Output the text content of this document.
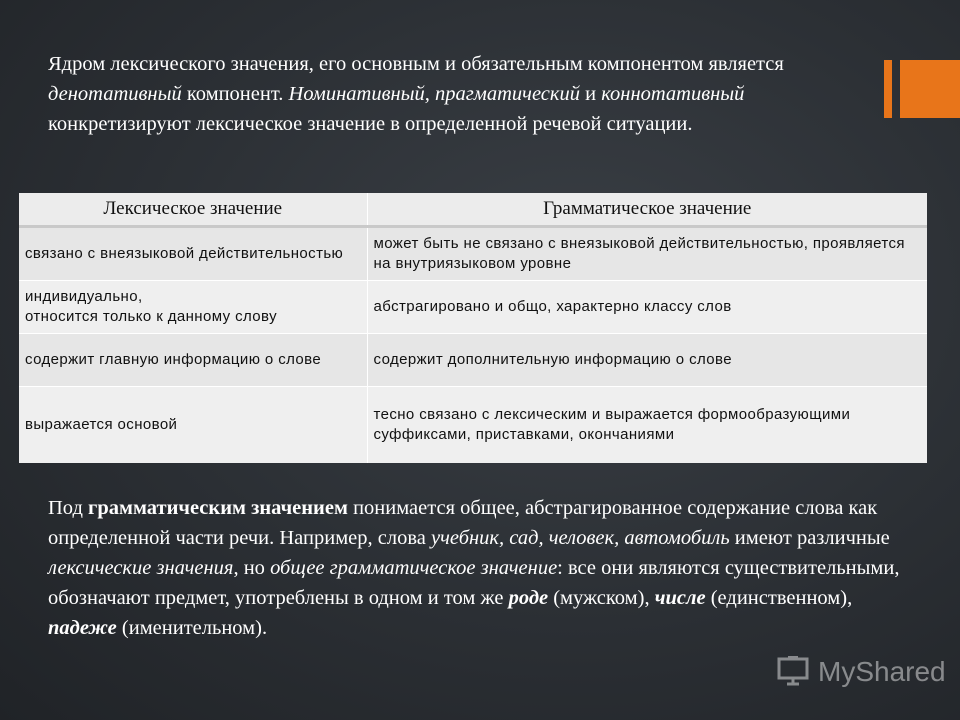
Ядром лексического значения, его основным и обязательным компонентом является денотативный компонент. Номинативный, прагматический и коннотативный конкретизируют лексическое значение в определенной речевой ситуации.
Лексическое значение	Грамматическое значение
связано с внеязыковой действительностью	может быть не связано с внеязыковой действительностью, проявляется на внутриязыковом уровне
индивидуально,
относится только к данному слову	абстрагировано и общо, характерно классу слов
содержит главную информацию о слове	содержит дополнительную информацию о слове
выражается основой	тесно связано с лексическим и выражается формообразующими суффиксами, приставками, окончаниями
Под грамматическим значением понимается общее, абстрагированное содержание слова как определенной части речи. Например, слова учебник, сад, человек, автомобиль имеют различные лексические значения, но общее грамматическое значение: все они являются существительными, обозначают предмет, употреблены в одном и том же роде (мужском), числе (единственном), падеже (именительном).
MyShared
